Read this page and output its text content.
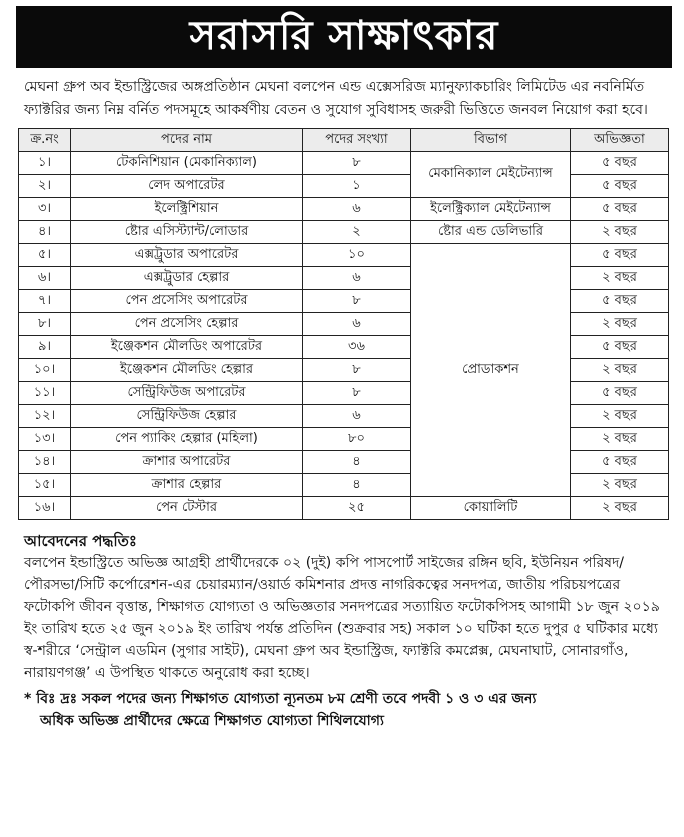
সরাসরি সাক্ষাৎকার

মেঘনা গ্রুপ অব ইন্ডাস্ট্রিজের অঙ্গপ্রতিষ্ঠান মেঘনা বলপেন এন্ড এক্সেসরিজ ম্যানুফ্যাকচারিং লিমিটেড এর নবনির্মিত ফ্যাক্টরির জন্য নিম্ন বর্নিত পদসমূহে আকর্ষণীয় বেতন ও সুযোগ সুবিধাসহ জরুরী ভিত্তিতে জনবল নিয়োগ করা হবে।

ক্র.নং	পদের নাম	পদের সংখ্যা	বিভাগ	অভিজ্ঞতা
১।	টেকনিশিয়ান (মেকানিক্যাল)	৮	মেকানিক্যাল মেইটেন্যান্স	৫ বছর
২।	লেদ অপারেটর	১		৫ বছর
৩।	ইলেক্ট্রিশিয়ান	৬	ইলেক্ট্রিক্যাল মেইটেন্যান্স	৫ বছর
৪।	ষ্টোর এসিস্ট্যান্ট/লোডার	২	ষ্টোর এন্ড ডেলিভারি	২ বছর
৫।	এক্সট্রুডার অপারেটর	১০	প্রোডাকশন	৫ বছর
৬।	এক্সট্রুডার হেল্পার	৬		২ বছর
৭।	পেন প্রসেসিং অপারেটর	৮		৫ বছর
৮।	পেন প্রসেসিং হেল্পার	৬		২ বছর
৯।	ইঞ্জেকশন মৌলডিং অপারেটর	৩৬		৫ বছর
১০।	ইঞ্জেকশন মৌলডিং হেল্পার	৮		২ বছর
১১।	সেন্ট্রিফিউজ অপারেটর	৮		৫ বছর
১২।	সেন্ট্রিফিউজ হেল্পার	৬		২ বছর
১৩।	পেন প্যাকিং হেল্পার (মহিলা)	৮০		২ বছর
১৪।	ক্রাশার অপারেটর	৪		৫ বছর
১৫।	ক্রাশার হেল্পার	৪		২ বছর
১৬।	পেন টেস্টার	২৫	কোয়ালিটি	২ বছর
আবেদনের পদ্ধতিঃ

বলপেন ইন্ডাস্ট্রিতে অভিজ্ঞ আগ্রহী প্রার্থীদেরকে ০২ (দুই) কপি পাসপোর্ট সাইজের রঙ্গিন ছবি, ইউনিয়ন পরিষদ/পৌরসভা/সিটি কর্পোরেশন-এর চেয়ারম্যান/ওয়ার্ড কমিশনার প্রদত্ত নাগরিকত্বের সনদপত্র, জাতীয় পরিচয়পত্রের ফটোকপি জীবন বৃত্তান্ত, শিক্ষাগত যোগ্যতা ও অভিজ্ঞতার সনদপত্রের সত্যায়িত ফটোকপিসহ আগামী ১৮ জুন ২০১৯ ইং তারিখ হতে ২৫ জুন ২০১৯ ইং তারিখ পর্যন্ত প্রতিদিন (শুক্রবার সহ) সকাল ১০ ঘটিকা হতে দুপুর ৫ ঘটিকার মধ্যে স্ব-শরীরে ‘সেন্ট্রাল এডমিন (সুগার সাইট), মেঘনা গ্রুপ অব ইন্ডাস্ট্রিজ, ফ্যাক্টরি কমপ্লেক্স, মেঘনাঘাট, সোনারগাঁও, নারায়ণগঞ্জ’ এ উপস্থিত থাকতে অনুরোধ করা হচ্ছে।

* বিঃ দ্রঃ সকল পদের জন্য শিক্ষাগত যোগ্যতা ন্যূনতম ৮ম শ্রেণী তবে পদবী ১ ও ৩ এর জন্য
অধিক অভিজ্ঞ প্রার্থীদের ক্ষেত্রে শিক্ষাগত যোগ্যতা শিথিলযোগ্য
